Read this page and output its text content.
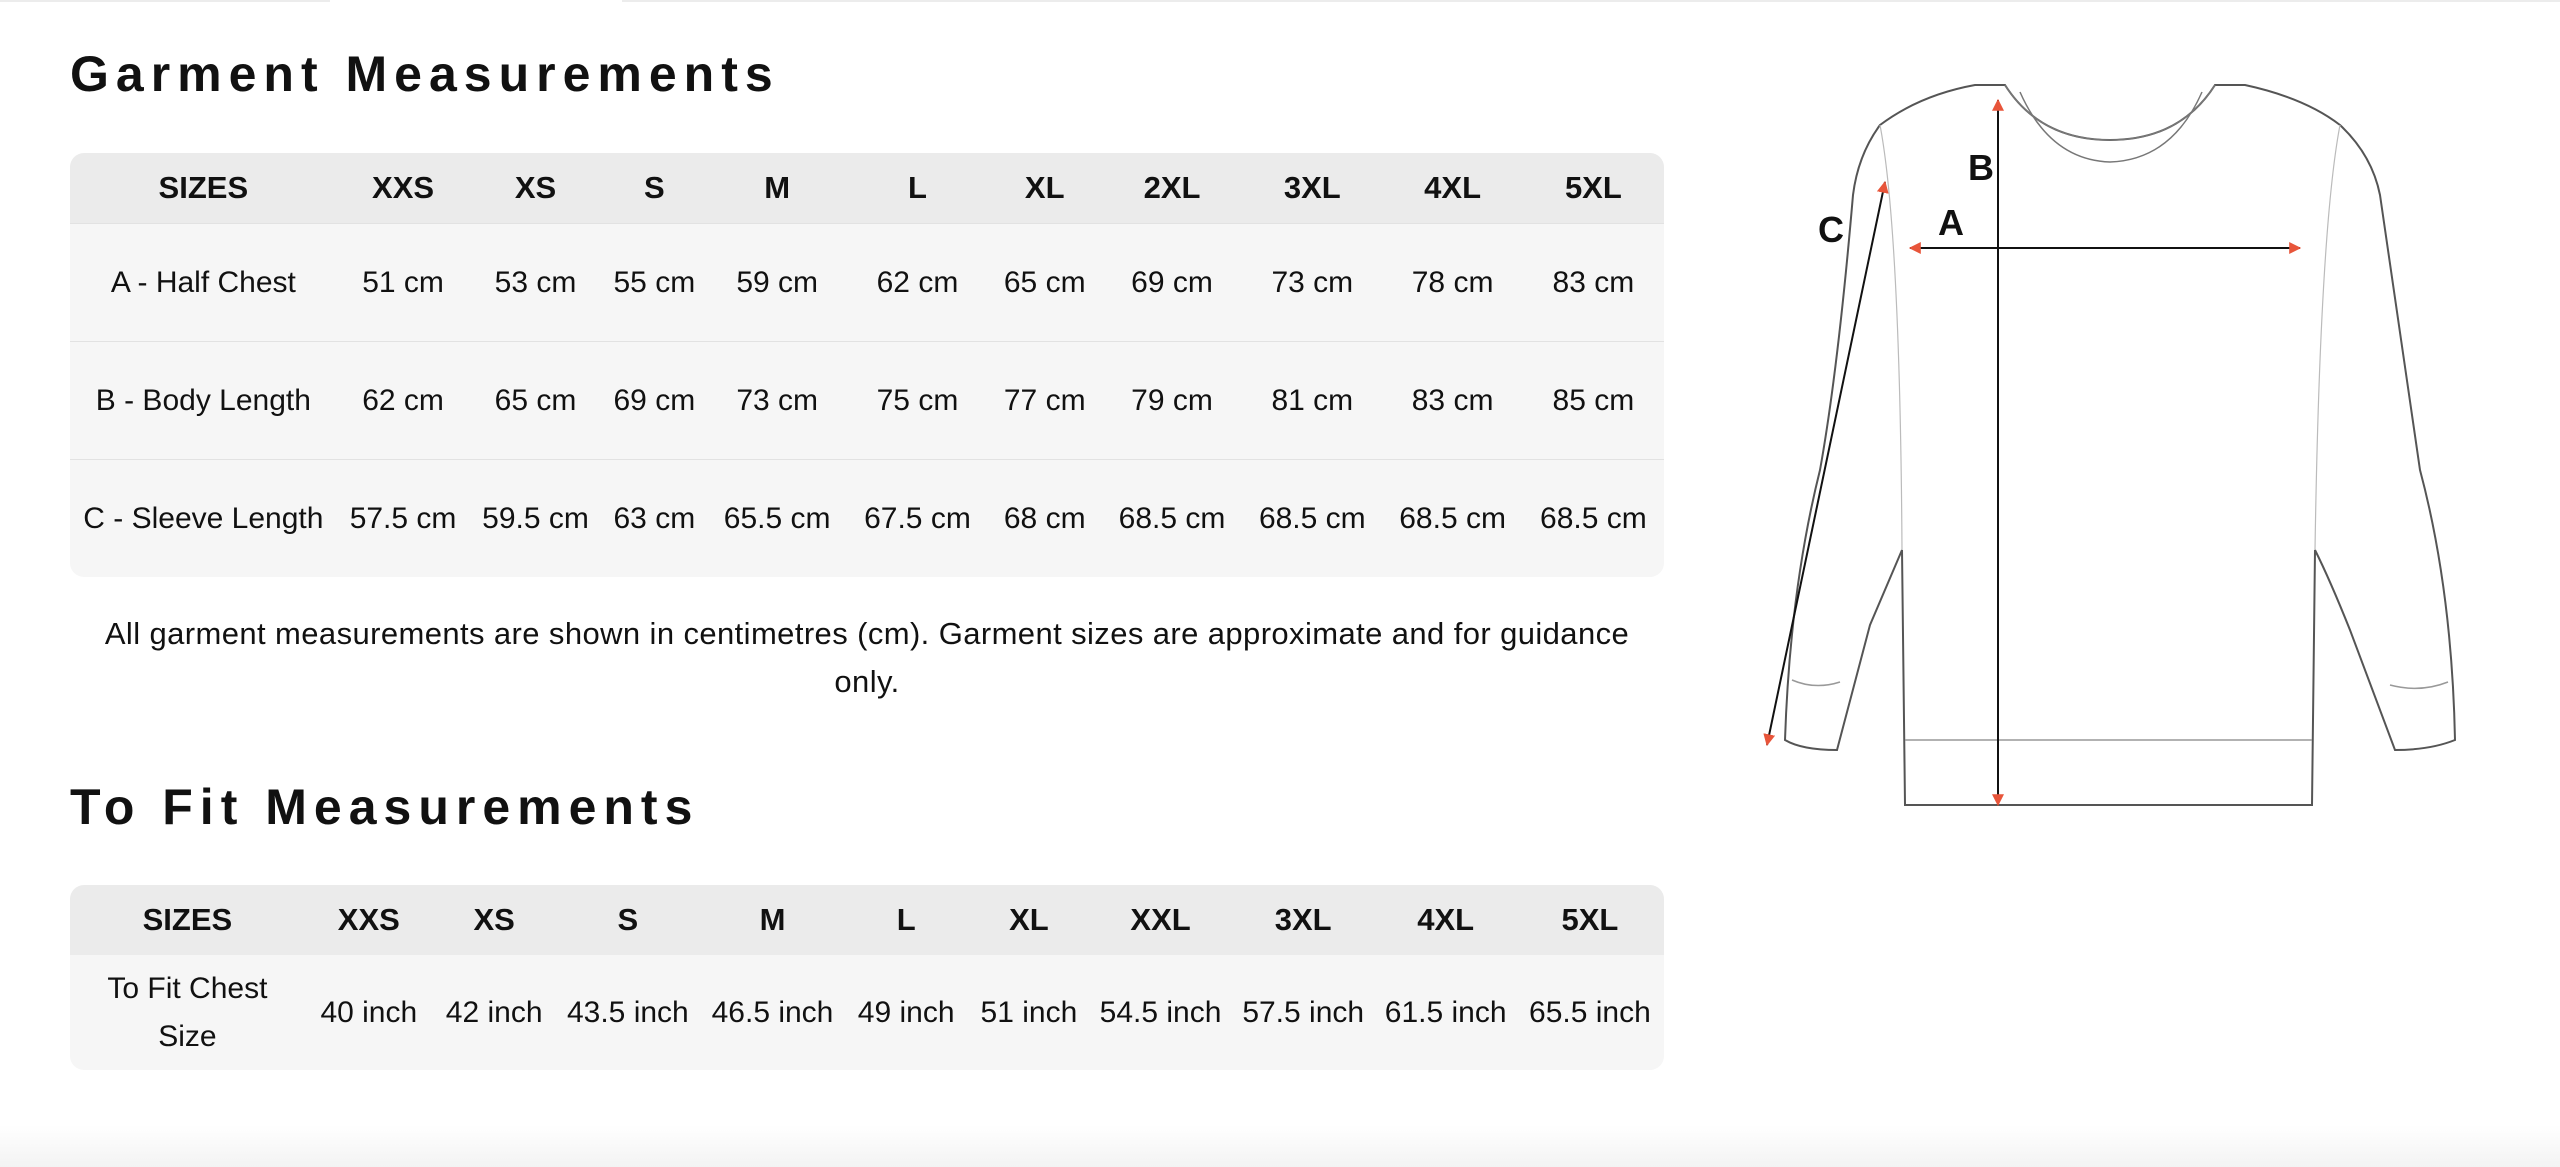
Garment Measurements
SIZES	XXS	XS	S	M	L	XL	2XL	3XL	4XL	5XL
A - Half Chest	51 cm	53 cm	55 cm	59 cm	62 cm	65 cm	69 cm	73 cm	78 cm	83 cm
B - Body Length	62 cm	65 cm	69 cm	73 cm	75 cm	77 cm	79 cm	81 cm	83 cm	85 cm
C - Sleeve Length	57.5 cm	59.5 cm	63 cm	65.5 cm	67.5 cm	68 cm	68.5 cm	68.5 cm	68.5 cm	68.5 cm
All garment measurements are shown in centimetres (cm). Garment sizes are approximate and for guidance only.
To Fit Measurements
SIZES	XXS	XS	S	M	L	XL	XXL	3XL	4XL	5XL
To Fit Chest Size	40 inch	42 inch	43.5 inch	46.5 inch	49 inch	51 inch	54.5 inch	57.5 inch	61.5 inch	65.5 inch
A
B
C
